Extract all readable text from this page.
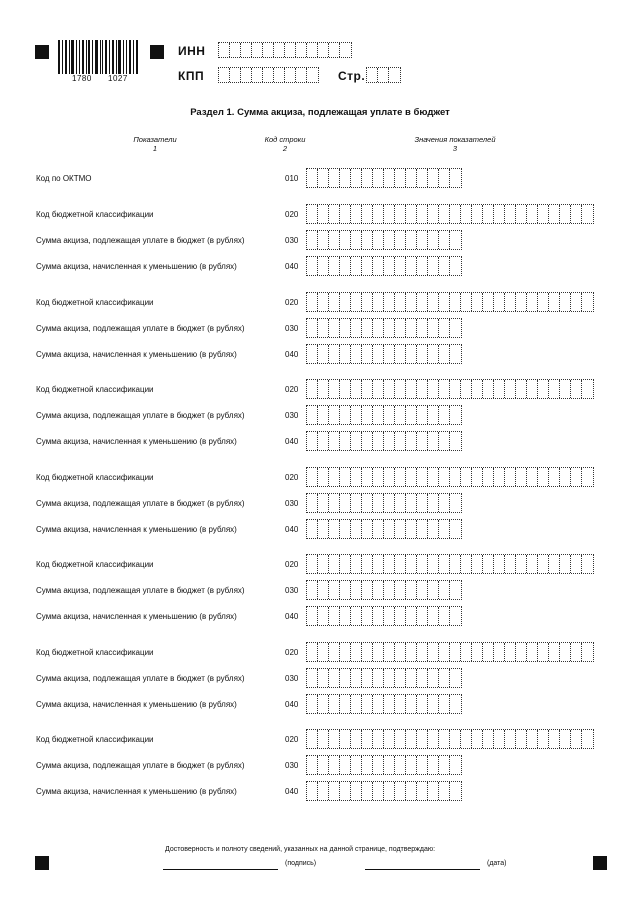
1780 1027
ИНН
КПП	Стр.
Раздел 1. Сумма акциза, подлежащая уплате в бюджет
Показатели
1
Код строки
2
Значения показателей
3
Код по ОКТМО	010
Код бюджетной классификации	020
Сумма акциза, подлежащая уплате в бюджет (в рублях)	030
Сумма акциза, начисленная к уменьшению (в рублях)	040
Код бюджетной классификации	020
Сумма акциза, подлежащая уплате в бюджет (в рублях)	030
Сумма акциза, начисленная к уменьшению (в рублях)	040
Код бюджетной классификации	020
Сумма акциза, подлежащая уплате в бюджет (в рублях)	030
Сумма акциза, начисленная к уменьшению (в рублях)	040
Код бюджетной классификации	020
Сумма акциза, подлежащая уплате в бюджет (в рублях)	030
Сумма акциза, начисленная к уменьшению (в рублях)	040
Код бюджетной классификации	020
Сумма акциза, подлежащая уплате в бюджет (в рублях)	030
Сумма акциза, начисленная к уменьшению (в рублях)	040
Код бюджетной классификации	020
Сумма акциза, подлежащая уплате в бюджет (в рублях)	030
Сумма акциза, начисленная к уменьшению (в рублях)	040
Код бюджетной классификации	020
Сумма акциза, подлежащая уплате в бюджет (в рублях)	030
Сумма акциза, начисленная к уменьшению (в рублях)	040
Достоверность и полноту сведений, указанных на данной странице, подтверждаю:
(подпись)	(дата)
